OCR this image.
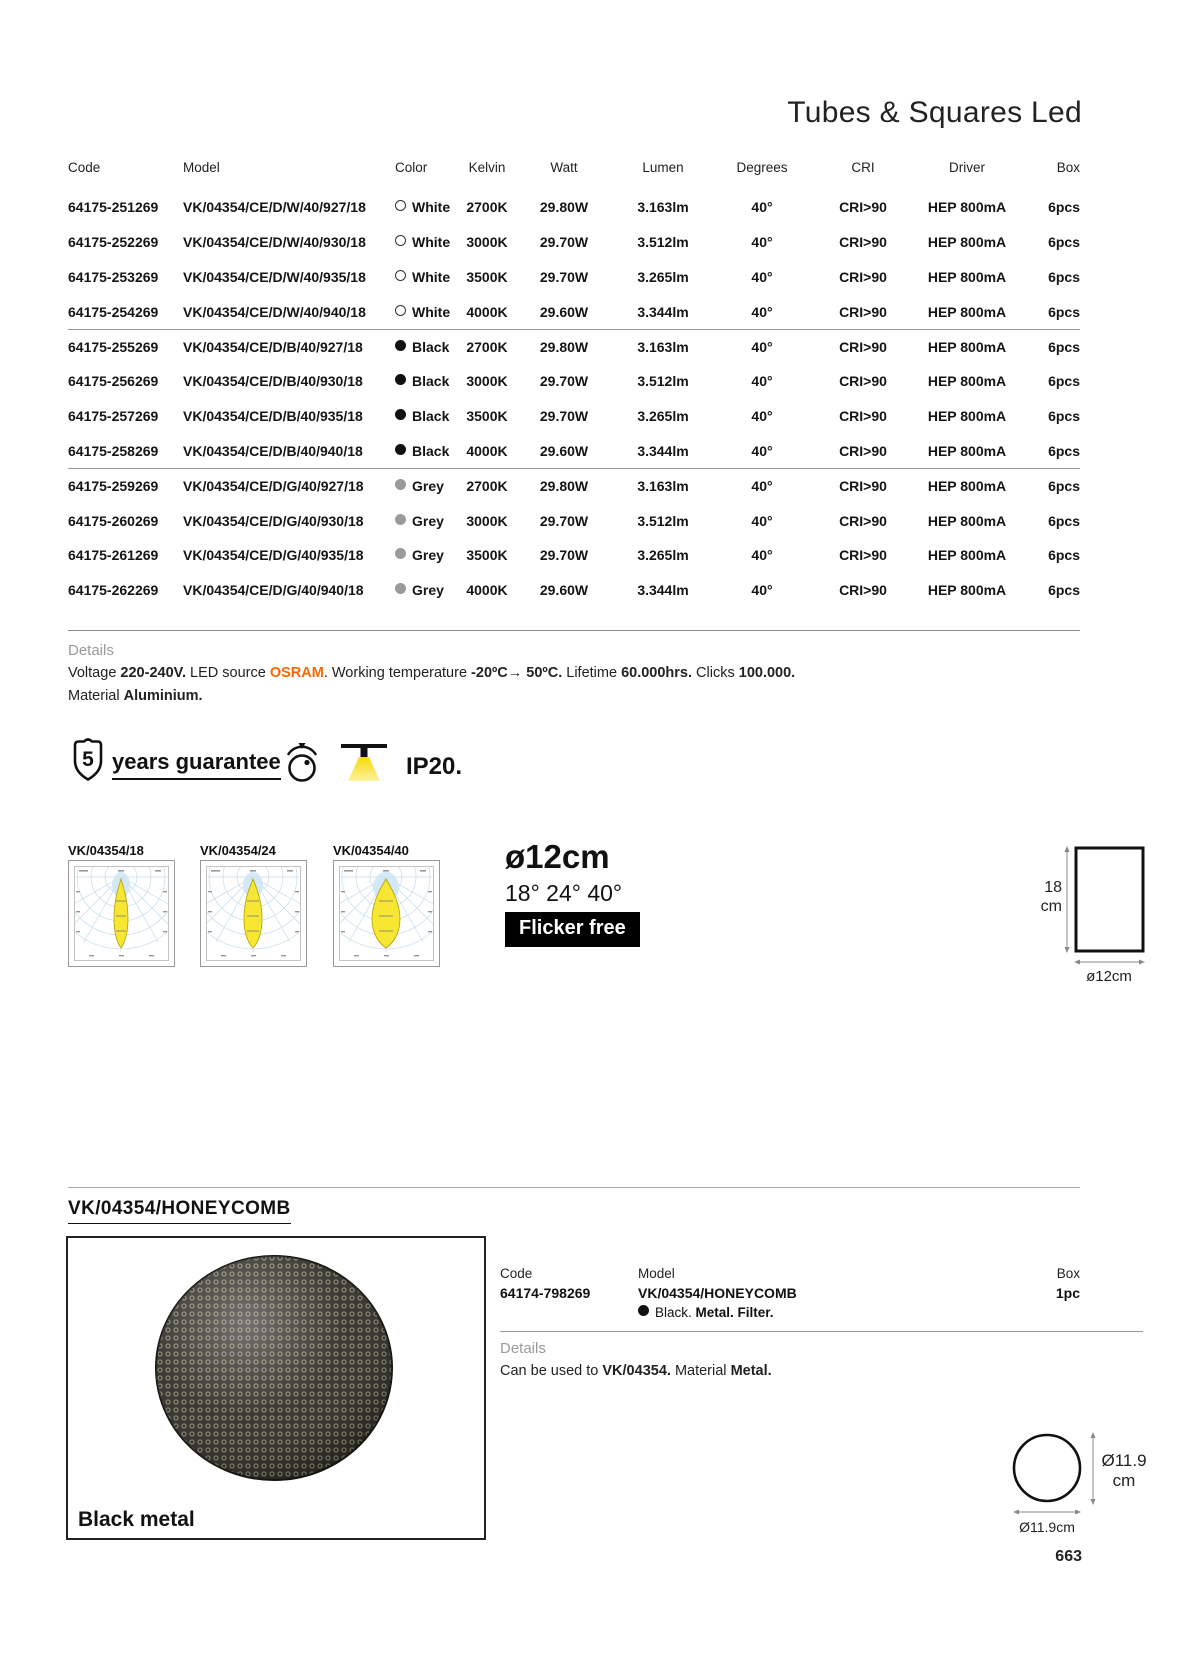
Tubes & Squares Led
Code	Model	Color	Kelvin	Watt	Lumen	Degrees	CRI	Driver	Box
64175-251269	VK/04354/CE/D/W/40/927/18	White	2700K	29.80W	3.163lm	40°	CRI>90	HEP 800mA	6pcs
64175-252269	VK/04354/CE/D/W/40/930/18	White	3000K	29.70W	3.512lm	40°	CRI>90	HEP 800mA	6pcs
64175-253269	VK/04354/CE/D/W/40/935/18	White	3500K	29.70W	3.265lm	40°	CRI>90	HEP 800mA	6pcs
64175-254269	VK/04354/CE/D/W/40/940/18	White	4000K	29.60W	3.344lm	40°	CRI>90	HEP 800mA	6pcs
64175-255269	VK/04354/CE/D/B/40/927/18	Black	2700K	29.80W	3.163lm	40°	CRI>90	HEP 800mA	6pcs
64175-256269	VK/04354/CE/D/B/40/930/18	Black	3000K	29.70W	3.512lm	40°	CRI>90	HEP 800mA	6pcs
64175-257269	VK/04354/CE/D/B/40/935/18	Black	3500K	29.70W	3.265lm	40°	CRI>90	HEP 800mA	6pcs
64175-258269	VK/04354/CE/D/B/40/940/18	Black	4000K	29.60W	3.344lm	40°	CRI>90	HEP 800mA	6pcs
64175-259269	VK/04354/CE/D/G/40/927/18	Grey	2700K	29.80W	3.163lm	40°	CRI>90	HEP 800mA	6pcs
64175-260269	VK/04354/CE/D/G/40/930/18	Grey	3000K	29.70W	3.512lm	40°	CRI>90	HEP 800mA	6pcs
64175-261269	VK/04354/CE/D/G/40/935/18	Grey	3500K	29.70W	3.265lm	40°	CRI>90	HEP 800mA	6pcs
64175-262269	VK/04354/CE/D/G/40/940/18	Grey	4000K	29.60W	3.344lm	40°	CRI>90	HEP 800mA	6pcs
Details
Voltage 220-240V. LED source OSRAM. Working temperature -20ºC→ 50ºC. Lifetime 60.000hrs. Clicks 100.000.
Material Aluminium.
5 years guarantee	IP20.
VK/04354/18	VK/04354/24	VK/04354/40	ø12cm
18° 24° 40°
Flicker free
18
cm
ø12cm
VK/04354/HONEYCOMB
Black metal
Code
64174-798269
Model
VK/04354/HONEYCOMB
Black. Metal. Filter.
Box
1pc
Details
Can be used to VK/04354. Material Metal.
Ø11.9
cm
Ø11.9cm
663
